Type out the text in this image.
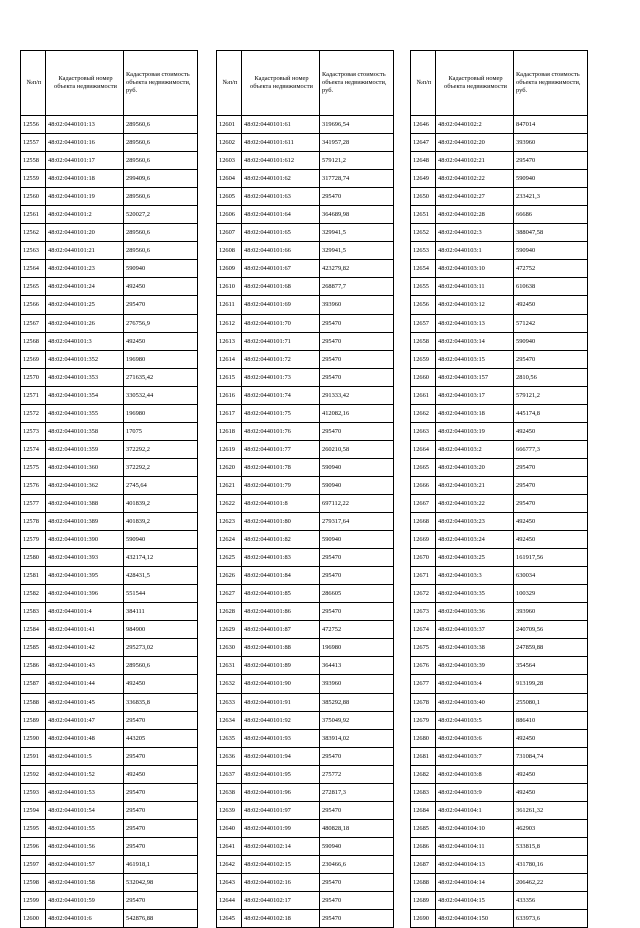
№п/п	Кадастровый номер объекта недвижимости	Кадастровая стоимость объекта недвижимости, руб.
12556	48:02:0440101:13	289560,6
12557	48:02:0440101:16	289560,6
12558	48:02:0440101:17	289560,6
12559	48:02:0440101:18	299409,6
12560	48:02:0440101:19	289560,6
12561	48:02:0440101:2	520027,2
12562	48:02:0440101:20	289560,6
12563	48:02:0440101:21	289560,6
12564	48:02:0440101:23	590940
12565	48:02:0440101:24	492450
12566	48:02:0440101:25	295470
12567	48:02:0440101:26	276756,9
12568	48:02:0440101:3	492450
12569	48:02:0440101:352	196980
12570	48:02:0440101:353	271635,42
12571	48:02:0440101:354	330532,44
12572	48:02:0440101:355	196980
12573	48:02:0440101:358	17075
12574	48:02:0440101:359	372292,2
12575	48:02:0440101:360	372292,2
12576	48:02:0440101:362	2745,64
12577	48:02:0440101:388	401839,2
12578	48:02:0440101:389	401839,2
12579	48:02:0440101:390	590940
12580	48:02:0440101:393	432174,12
12581	48:02:0440101:395	428431,5
12582	48:02:0440101:396	551544
12583	48:02:0440101:4	384111
12584	48:02:0440101:41	984900
12585	48:02:0440101:42	295273,02
12586	48:02:0440101:43	289560,6
12587	48:02:0440101:44	492450
12588	48:02:0440101:45	336835,8
12589	48:02:0440101:47	295470
12590	48:02:0440101:48	443205
12591	48:02:0440101:5	295470
12592	48:02:0440101:52	492450
12593	48:02:0440101:53	295470
12594	48:02:0440101:54	295470
12595	48:02:0440101:55	295470
12596	48:02:0440101:56	295470
12597	48:02:0440101:57	461918,1
12598	48:02:0440101:58	532042,98
12599	48:02:0440101:59	295470
12600	48:02:0440101:6	542876,88
№п/п	Кадастровый номер объекта недвижимости	Кадастровая стоимость объекта недвижимости, руб.
12601	48:02:0440101:61	319696,54
12602	48:02:0440101:611	341957,28
12603	48:02:0440101:612	579121,2
12604	48:02:0440101:62	317728,74
12605	48:02:0440101:63	295470
12606	48:02:0440101:64	364689,98
12607	48:02:0440101:65	329941,5
12608	48:02:0440101:66	329941,5
12609	48:02:0440101:67	423279,82
12610	48:02:0440101:68	268877,7
12611	48:02:0440101:69	393960
12612	48:02:0440101:70	295470
12613	48:02:0440101:71	295470
12614	48:02:0440101:72	295470
12615	48:02:0440101:73	295470
12616	48:02:0440101:74	291333,42
12617	48:02:0440101:75	412082,16
12618	48:02:0440101:76	295470
12619	48:02:0440101:77	260210,58
12620	48:02:0440101:78	590940
12621	48:02:0440101:79	590940
12622	48:02:0440101:8	697112,22
12623	48:02:0440101:80	279317,64
12624	48:02:0440101:82	590940
12625	48:02:0440101:83	295470
12626	48:02:0440101:84	295470
12627	48:02:0440101:85	286605
12628	48:02:0440101:86	295470
12629	48:02:0440101:87	472752
12630	48:02:0440101:88	196980
12631	48:02:0440101:89	364413
12632	48:02:0440101:90	393960
12633	48:02:0440101:91	385292,88
12634	48:02:0440101:92	375049,92
12635	48:02:0440101:93	383914,02
12636	48:02:0440101:94	295470
12637	48:02:0440101:95	275772
12638	48:02:0440101:96	272817,3
12639	48:02:0440101:97	295470
12640	48:02:0440101:99	480828,18
12641	48:02:0440102:14	590940
12642	48:02:0440102:15	230466,6
12643	48:02:0440102:16	295470
12644	48:02:0440102:17	295470
12645	48:02:0440102:18	295470
№п/п	Кадастровый номер объекта недвижимости	Кадастровая стоимость объекта недвижимости, руб.
12646	48:02:0440102:2	847014
12647	48:02:0440102:20	393960
12648	48:02:0440102:21	295470
12649	48:02:0440102:22	590940
12650	48:02:0440102:27	233421,3
12651	48:02:0440102:28	66686
12652	48:02:0440102:3	388047,58
12653	48:02:0440103:1	590940
12654	48:02:0440103:10	472752
12655	48:02:0440103:11	610638
12656	48:02:0440103:12	492450
12657	48:02:0440103:13	571242
12658	48:02:0440103:14	590940
12659	48:02:0440103:15	295470
12660	48:02:0440103:157	2810,56
12661	48:02:0440103:17	579121,2
12662	48:02:0440103:18	445174,8
12663	48:02:0440103:19	492450
12664	48:02:0440103:2	666777,3
12665	48:02:0440103:20	295470
12666	48:02:0440103:21	295470
12667	48:02:0440103:22	295470
12668	48:02:0440103:23	492450
12669	48:02:0440103:24	492450
12670	48:02:0440103:25	161917,56
12671	48:02:0440103:3	630034
12672	48:02:0440103:35	100329
12673	48:02:0440103:36	393960
12674	48:02:0440103:37	240709,56
12675	48:02:0440103:38	247859,88
12676	48:02:0440103:39	354564
12677	48:02:0440103:4	913199,28
12678	48:02:0440103:40	255080,1
12679	48:02:0440103:5	886410
12680	48:02:0440103:6	492450
12681	48:02:0440103:7	731084,74
12682	48:02:0440103:8	492450
12683	48:02:0440103:9	492450
12684	48:02:0440104:1	361261,32
12685	48:02:0440104:10	462903
12686	48:02:0440104:11	533815,8
12687	48:02:0440104:13	431780,16
12688	48:02:0440104:14	206462,22
12689	48:02:0440104:15	433356
12690	48:02:0440104:150	633973,6
